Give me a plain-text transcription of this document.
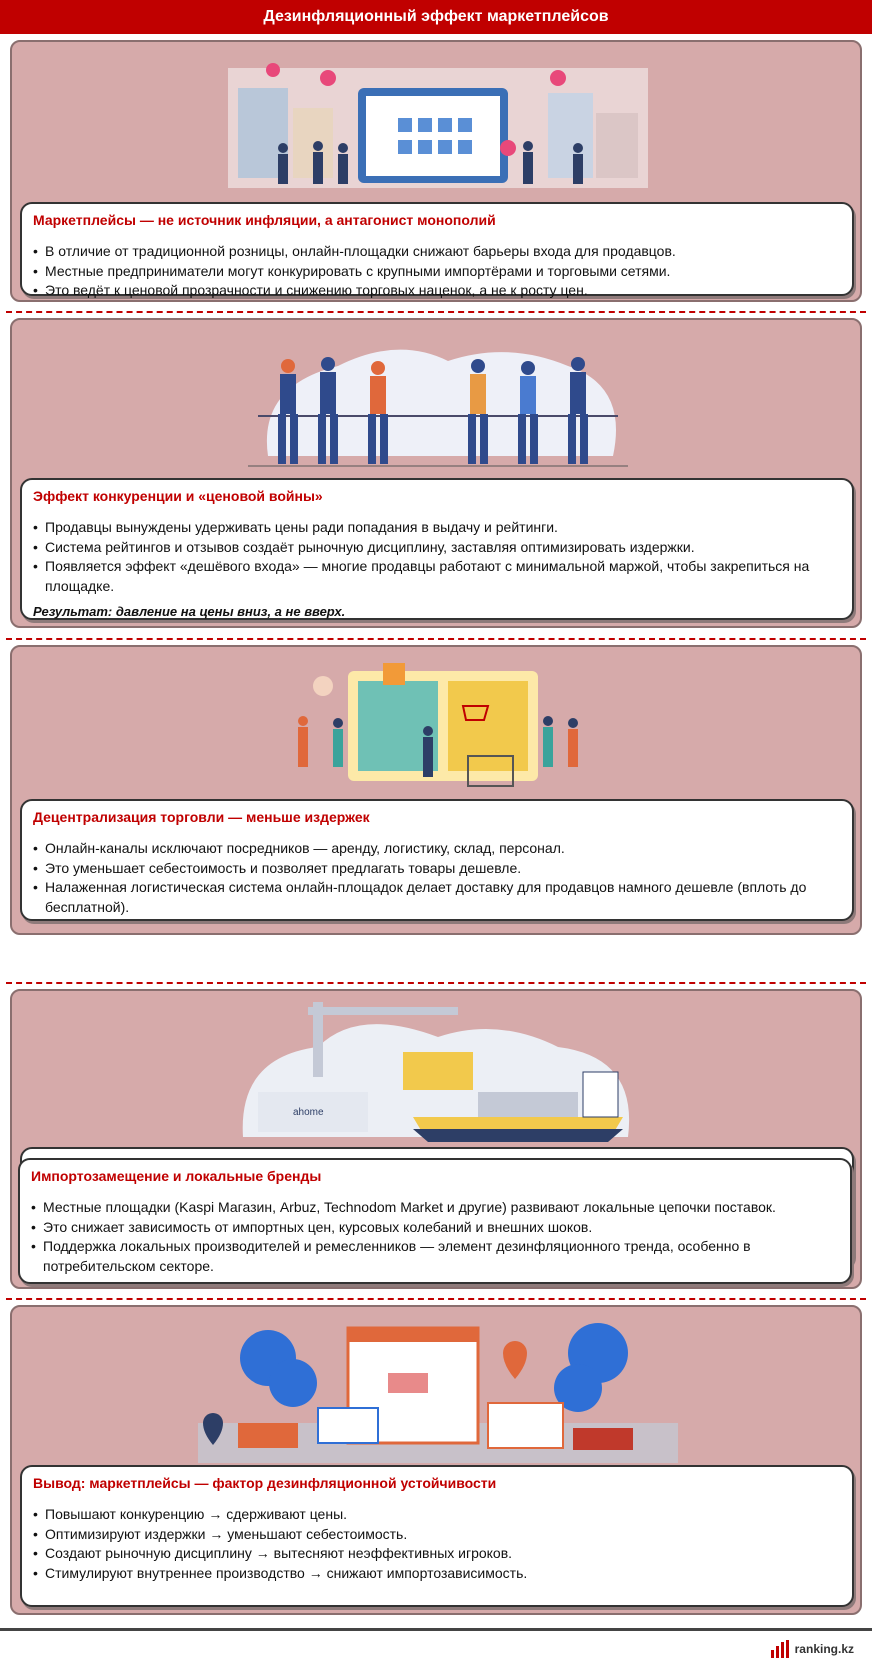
Дезинфляционный эффект маркетплейсов
Маркетплейсы — не источник инфляции, а антагонист монополий
• В отличие от традиционной розницы, онлайн-площадки снижают барьеры входа для продавцов.
• Местные предприниматели могут конкурировать с крупными импортёрами и торговыми сетями.
• Это ведёт к ценовой прозрачности и снижению торговых наценок, а не к росту цен.
Эффект конкуренции и «ценовой войны»
• Продавцы вынуждены удерживать цены ради попадания в выдачу и рейтинги.
• Система рейтингов и отзывов создаёт рыночную дисциплину, заставляя оптимизировать издержки.
• Появляется эффект «дешёвого входа» — многие продавцы работают с минимальной маржой, чтобы закрепиться на площадке.
Результат: давление на цены вниз, а не вверх.
Децентрализация торговли — меньше издержек
• Онлайн-каналы исключают посредников — аренду, логистику, склад, персонал.
• Это уменьшает себестоимость и позволяет предлагать товары дешевле.
• Налаженная логистическая система онлайн-площадок делает доставку для продавцов намного дешевле (вплоть до бесплатной).
ahome
Импортозамещение и локальные бренды
• Местные площадки (Kaspi Магазин, Arbuz, Technodom Market и другие) развивают локальные цепочки поставок.
• Это снижает зависимость от импортных цен, курсовых колебаний и внешних шоков.
• Поддержка локальных производителей и ремесленников — элемент дезинфляционного тренда, особенно в потребительском секторе.
Вывод: маркетплейсы — фактор дезинфляционной устойчивости
• Повышают конкуренцию → сдерживают цены.
• Оптимизируют издержки → уменьшают себестоимость.
• Создают рыночную дисциплину → вытесняют неэффективных игроков.
• Стимулируют внутреннее производство → снижают импортозависимость.
ranking.kz
